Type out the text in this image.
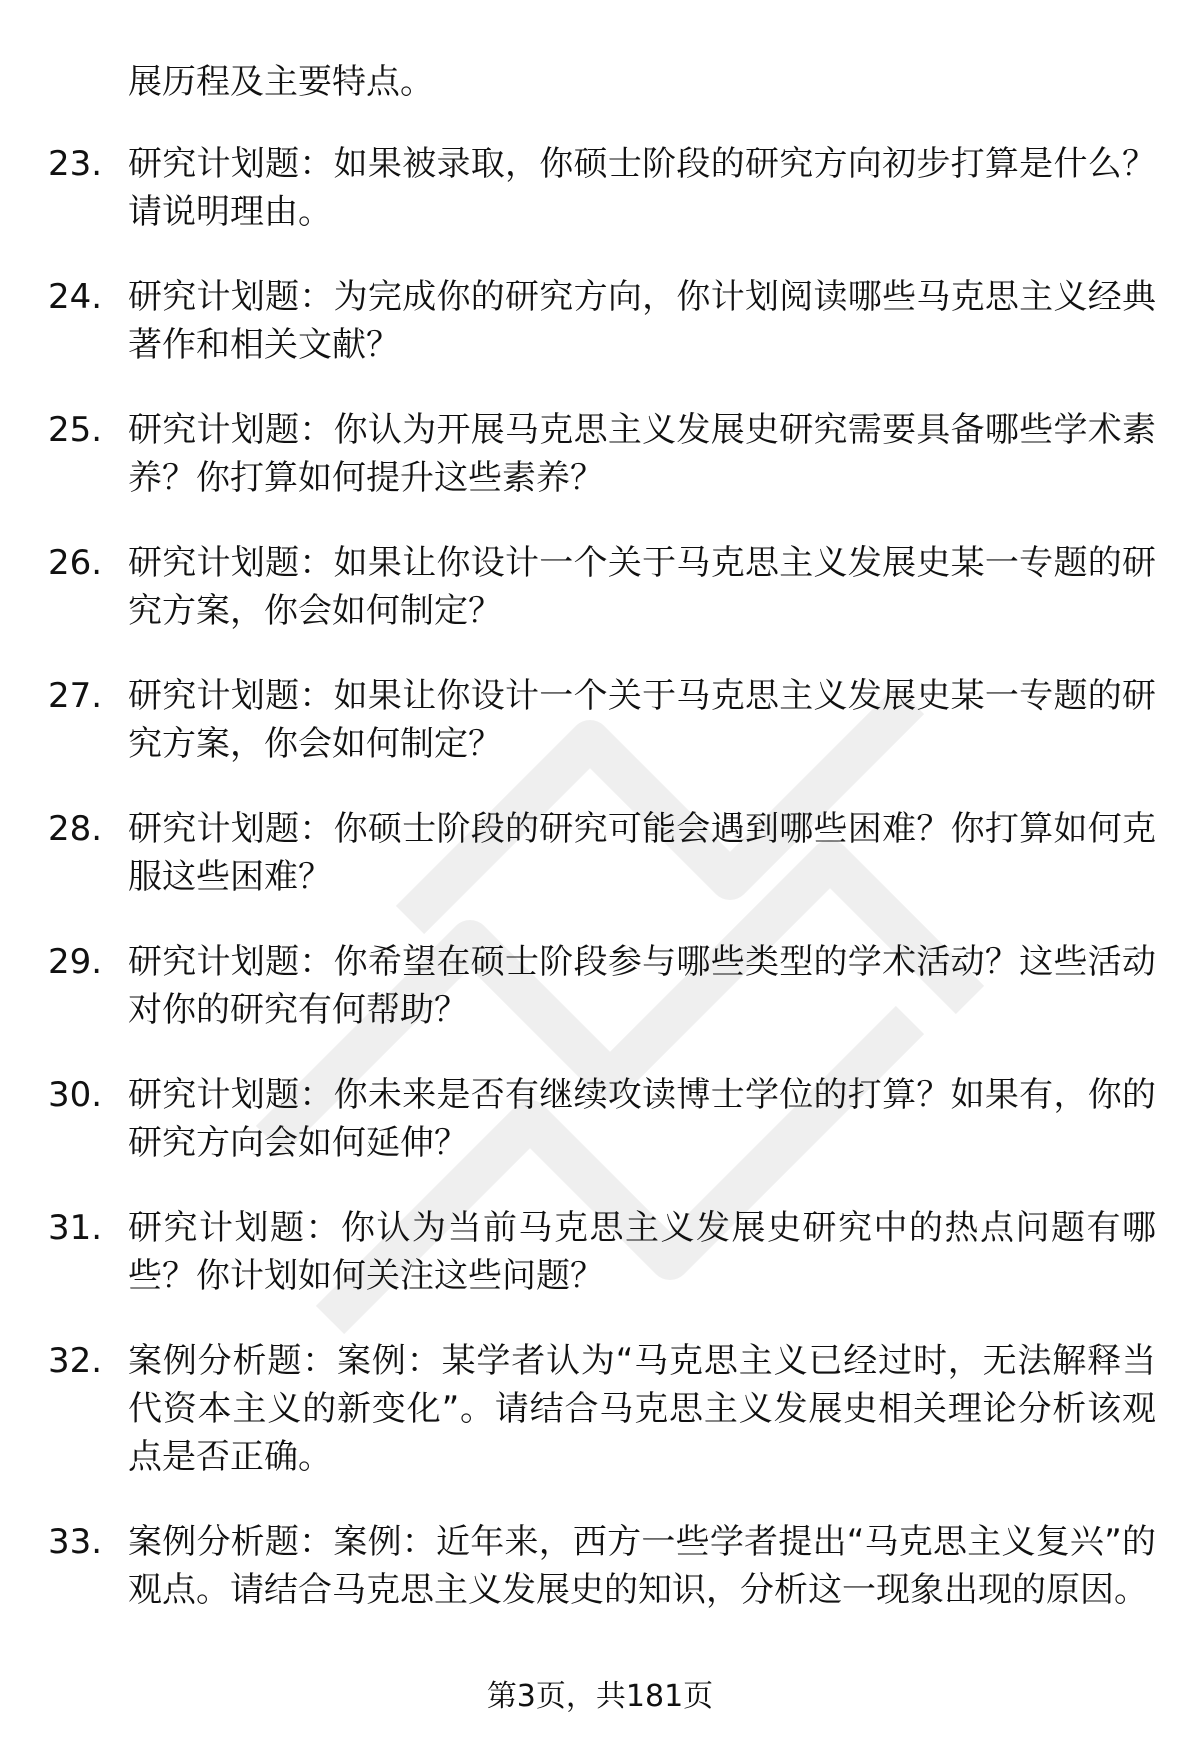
展历程及主要特点。
23. 研究计划题：如果被录取，你硕士阶段的研究方向初步打算是什么？请说明理由。
24. 研究计划题：为完成你的研究方向，你计划阅读哪些马克思主义经典著作和相关文献？
25. 研究计划题：你认为开展马克思主义发展史研究需要具备哪些学术素养？你打算如何提升这些素养？
26. 研究计划题：如果让你设计一个关于马克思主义发展史某一专题的研究方案，你会如何制定？
27. 研究计划题：如果让你设计一个关于马克思主义发展史某一专题的研究方案，你会如何制定？
28. 研究计划题：你硕士阶段的研究可能会遇到哪些困难？你打算如何克服这些困难？
29. 研究计划题：你希望在硕士阶段参与哪些类型的学术活动？这些活动对你的研究有何帮助？
30. 研究计划题：你未来是否有继续攻读博士学位的打算？如果有，你的研究方向会如何延伸？
31. 研究计划题：你认为当前马克思主义发展史研究中的热点问题有哪些？你计划如何关注这些问题？
32. 案例分析题：案例：某学者认为“马克思主义已经过时，无法解释当代资本主义的新变化”。请结合马克思主义发展史相关理论分析该观点是否正确。
33. 案例分析题：案例：近年来，西方一些学者提出“马克思主义复兴”的观点。请结合马克思主义发展史的知识，分析这一现象出现的原因。
第3页，共181页
